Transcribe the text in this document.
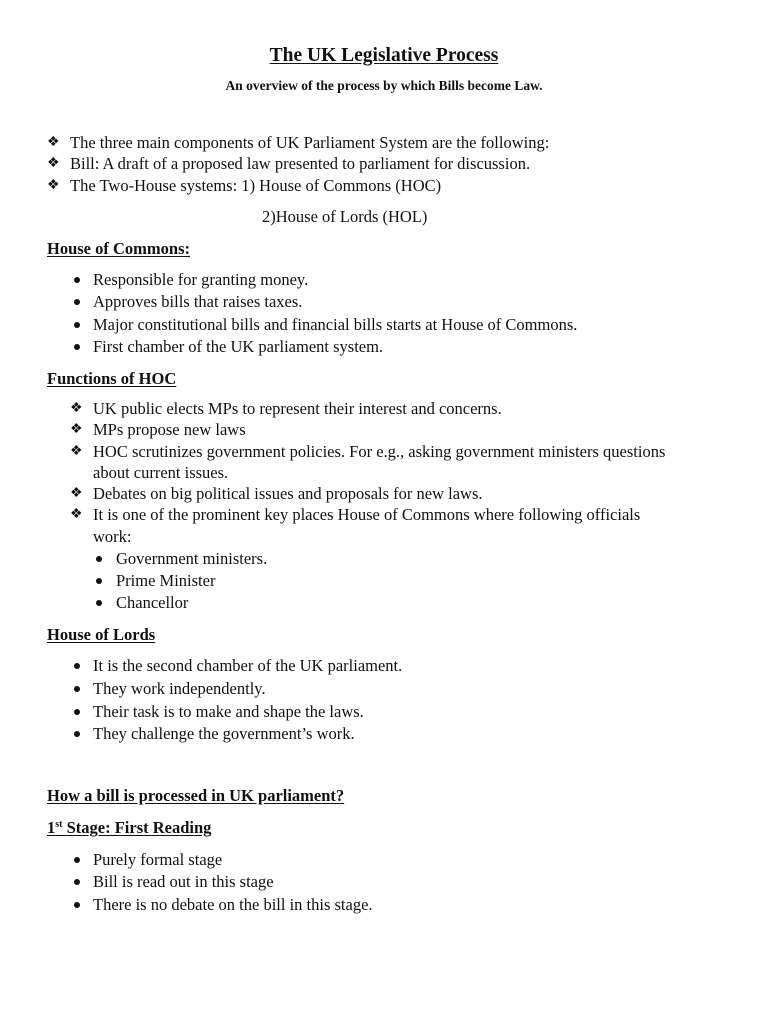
The UK Legislative Process
An overview of the process by which Bills become Law.
❖ The three main components of UK Parliament System are the following:
❖ Bill: A draft of a proposed law presented to parliament for discussion.
❖ The Two-House systems: 1) House of Commons (HOC)
2)House of Lords (HOL)
House of Commons:
Responsible for granting money.
Approves bills that raises taxes.
Major constitutional bills and financial bills starts at House of Commons.
First chamber of the UK parliament system.
Functions of HOC
❖ UK public elects MPs to represent their interest and concerns.
❖ MPs propose new laws
❖ HOC scrutinizes government policies. For e.g., asking government ministers questions
about current issues.
❖ Debates on big political issues and proposals for new laws.
❖ It is one of the prominent key places House of Commons where following officials
work:
Government ministers.
Prime Minister
Chancellor
House of Lords
It is the second chamber of the UK parliament.
They work independently.
Their task is to make and shape the laws.
They challenge the government’s work.
How a bill is processed in UK parliament?
1st Stage: First Reading
Purely formal stage
Bill is read out in this stage
There is no debate on the bill in this stage.
